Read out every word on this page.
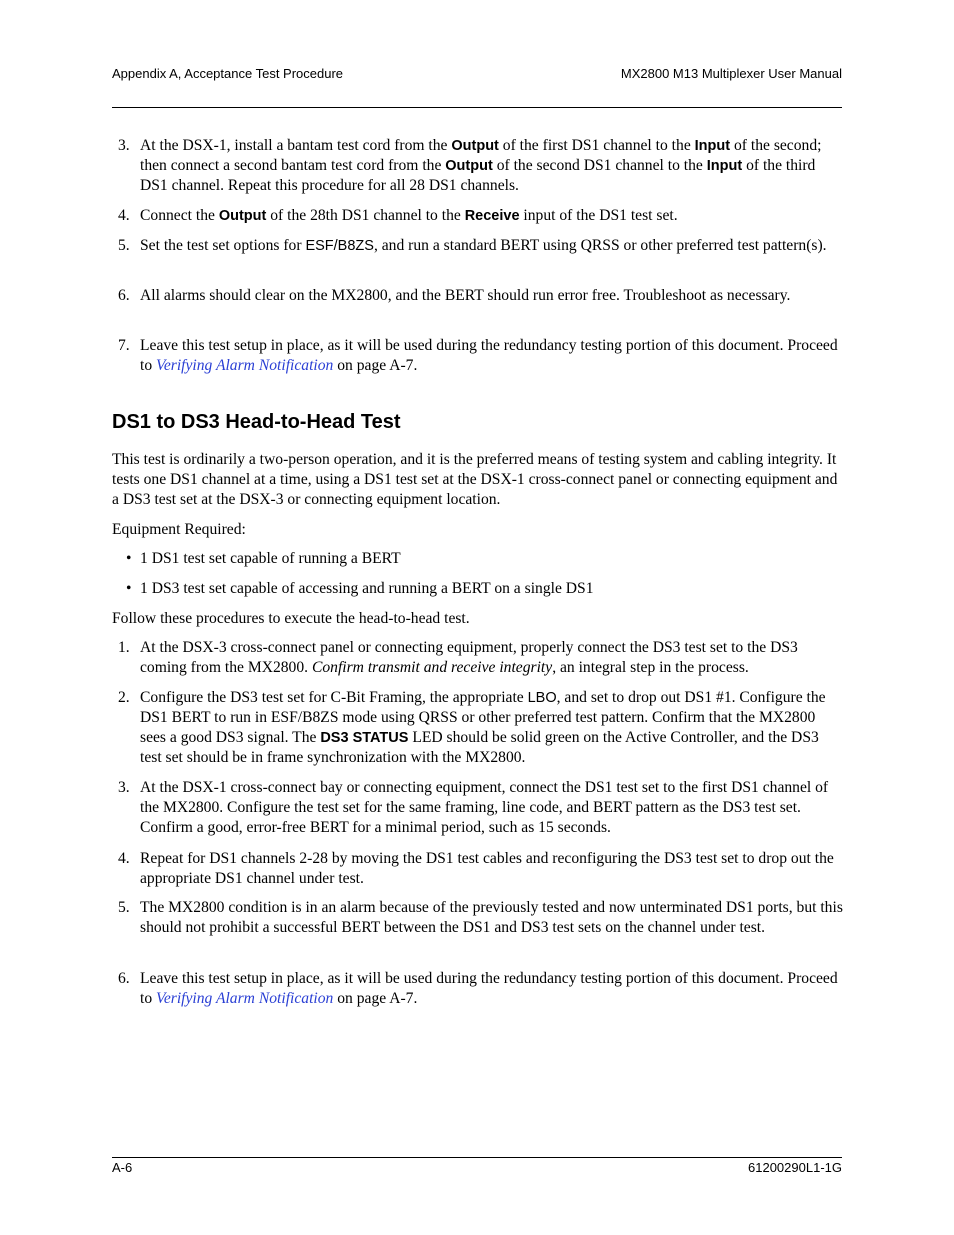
Appendix A, Acceptance Test Procedure	MX2800 M13 Multiplexer User Manual
3. At the DSX-1, install a bantam test cord from the Output of the first DS1 channel to the Input of the second; then connect a second bantam test cord from the Output of the second DS1 channel to the Input of the third DS1 channel. Repeat this procedure for all 28 DS1 channels.
4. Connect the Output of the 28th DS1 channel to the Receive input of the DS1 test set.
5. Set the test set options for ESF/B8ZS, and run a standard BERT using QRSS or other preferred test pattern(s).
6. All alarms should clear on the MX2800, and the BERT should run error free. Troubleshoot as necessary.
7. Leave this test setup in place, as it will be used during the redundancy testing portion of this document. Proceed to Verifying Alarm Notification on page A-7.
DS1 to DS3 Head-to-Head Test
This test is ordinarily a two-person operation, and it is the preferred means of testing system and cabling integrity. It tests one DS1 channel at a time, using a DS1 test set at the DSX-1 cross-connect panel or connecting equipment and a DS3 test set at the DSX-3 or connecting equipment location.
Equipment Required:
• 1 DS1 test set capable of running a BERT
• 1 DS3 test set capable of accessing and running a BERT on a single DS1
Follow these procedures to execute the head-to-head test.
1. At the DSX-3 cross-connect panel or connecting equipment, properly connect the DS3 test set to the DS3 coming from the MX2800. Confirm transmit and receive integrity, an integral step in the process.
2. Configure the DS3 test set for C-Bit Framing, the appropriate LBO, and set to drop out DS1 #1. Configure the DS1 BERT to run in ESF/B8ZS mode using QRSS or other preferred test pattern. Confirm that the MX2800 sees a good DS3 signal. The DS3 STATUS LED should be solid green on the Active Controller, and the DS3 test set should be in frame synchronization with the MX2800.
3. At the DSX-1 cross-connect bay or connecting equipment, connect the DS1 test set to the first DS1 channel of the MX2800. Configure the test set for the same framing, line code, and BERT pattern as the DS3 test set. Confirm a good, error-free BERT for a minimal period, such as 15 seconds.
4. Repeat for DS1 channels 2-28 by moving the DS1 test cables and reconfiguring the DS3 test set to drop out the appropriate DS1 channel under test.
5. The MX2800 condition is in an alarm because of the previously tested and now unterminated DS1 ports, but this should not prohibit a successful BERT between the DS1 and DS3 test sets on the channel under test.
6. Leave this test setup in place, as it will be used during the redundancy testing portion of this document. Proceed to Verifying Alarm Notification on page A-7.
A-6	61200290L1-1G
